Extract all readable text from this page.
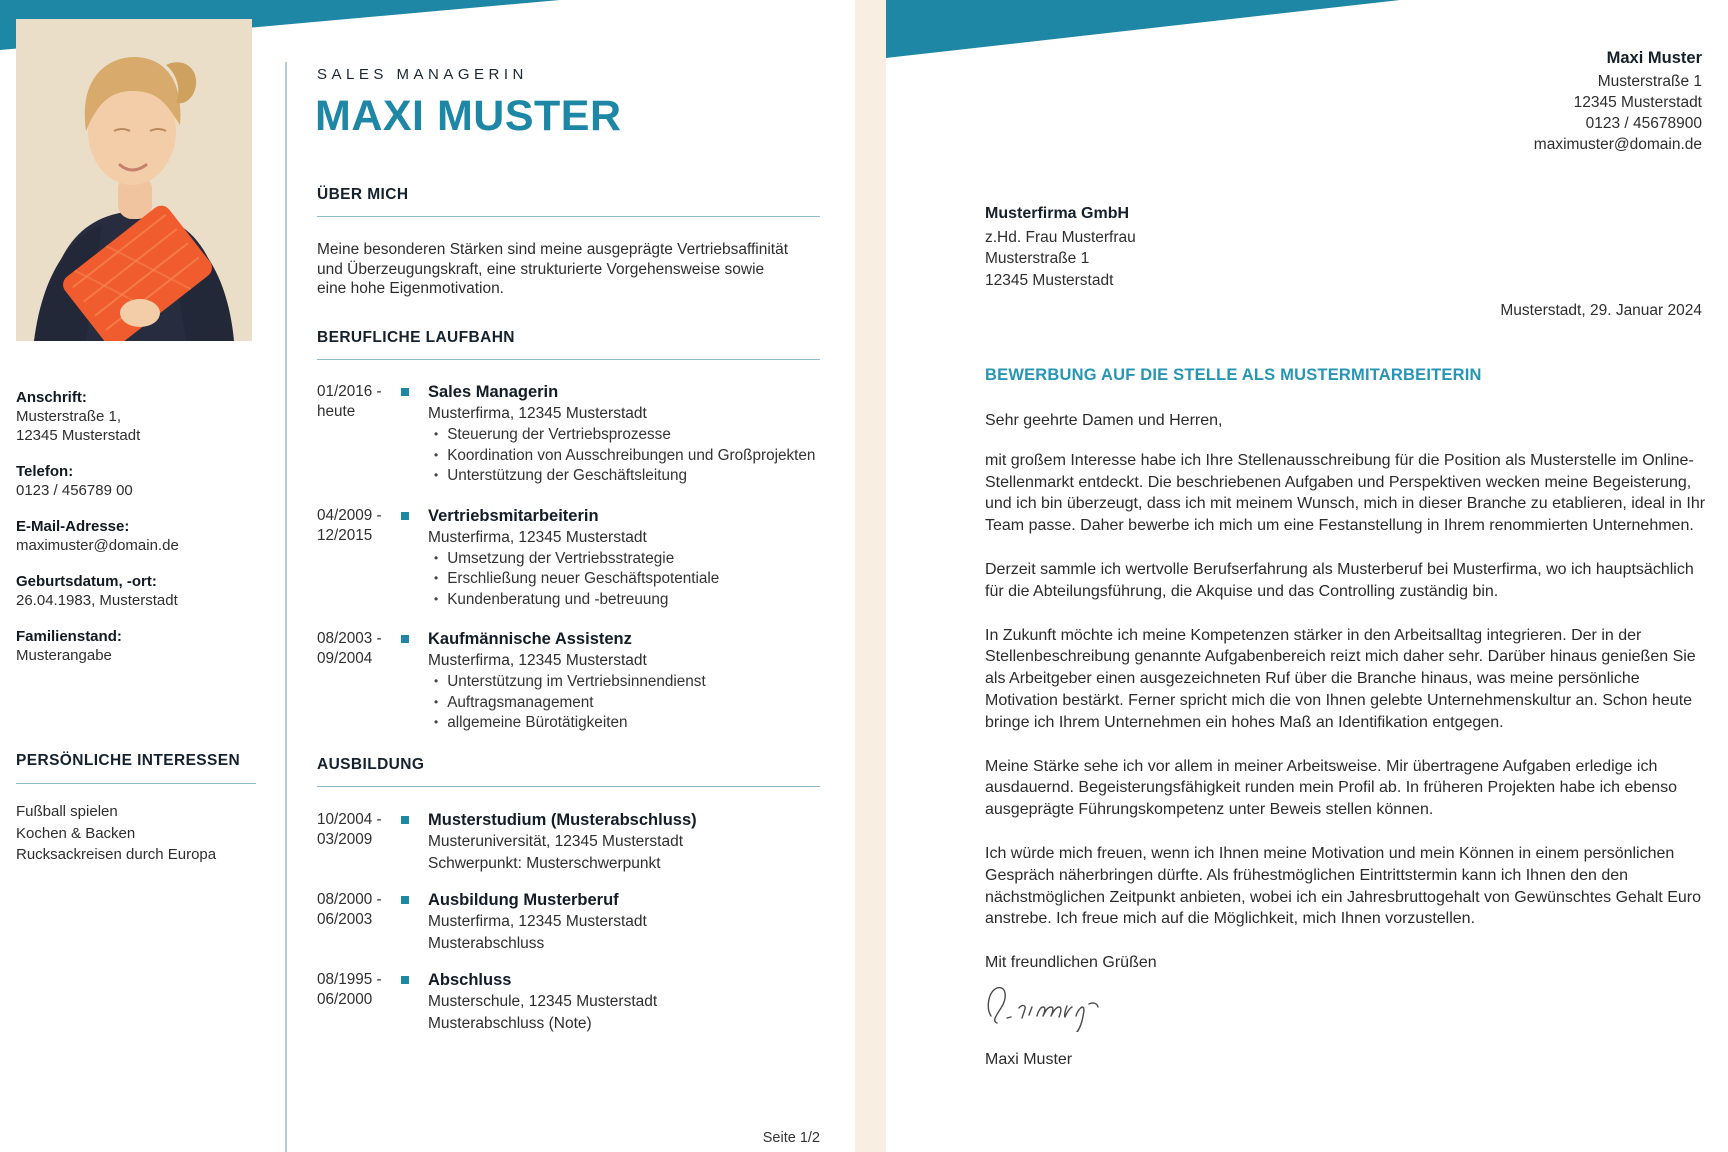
SALES MANAGERIN
MAXI MUSTER
ÜBER MICH
Meine besonderen Stärken sind meine ausgeprägte Vertriebsaffinität und Überzeugungskraft, eine strukturierte Vorgehensweise sowie eine hohe Eigenmotivation.
BERUFLICHE LAUFBAHN
01/2016 -
heute
Sales Managerin
Musterfirma, 12345 Musterstadt
• Steuerung der Vertriebsprozesse
• Koordination von Ausschreibungen und Großprojekten
• Unterstützung der Geschäftsleitung
04/2009 -
12/2015
Vertriebsmitarbeiterin
Musterfirma, 12345 Musterstadt
• Umsetzung der Vertriebsstrategie
• Erschließung neuer Geschäftspotentiale
• Kundenberatung und -betreuung
08/2003 -
09/2004
Kaufmännische Assistenz
Musterfirma, 12345 Musterstadt
• Unterstützung im Vertriebsinnendienst
• Auftragsmanagement
• allgemeine Bürotätigkeiten
AUSBILDUNG
10/2004 -
03/2009
Musterstudium (Musterabschluss)
Musteruniversität, 12345 Musterstadt
Schwerpunkt: Musterschwerpunkt
08/2000 -
06/2003
Ausbildung Musterberuf
Musterfirma, 12345 Musterstadt
Musterabschluss
08/1995 -
06/2000
Abschluss
Musterschule, 12345 Musterstadt
Musterabschluss (Note)
Anschrift:
Musterstraße 1,
12345 Musterstadt
Telefon:
0123 / 456789 00
E-Mail-Adresse:
maximuster@domain.de
Geburtsdatum, -ort:
26.04.1983, Musterstadt
Familienstand:
Musterangabe
PERSÖNLICHE INTERESSEN
Fußball spielen
Kochen & Backen
Rucksackreisen durch Europa
Seite 1/2
Maxi Muster
Musterstraße 1
12345 Musterstadt
0123 / 45678900
maximuster@domain.de
Musterfirma GmbH
z.Hd. Frau Musterfrau
Musterstraße 1
12345 Musterstadt
Musterstadt, 29. Januar 2024
BEWERBUNG AUF DIE STELLE ALS MUSTERMITARBEITERIN
Sehr geehrte Damen und Herren,

mit großem Interesse habe ich Ihre Stellenausschreibung für die Position als Musterstelle im Online-Stellenmarkt entdeckt. Die beschriebenen Aufgaben und Perspektiven wecken meine Begeisterung, und ich bin überzeugt, dass ich mit meinem Wunsch, mich in dieser Branche zu etablieren, ideal in Ihr Team passe. Daher bewerbe ich mich um eine Festanstellung in Ihrem renommierten Unternehmen.

Derzeit sammle ich wertvolle Berufserfahrung als Musterberuf bei Musterfirma, wo ich hauptsächlich für die Abteilungsführung, die Akquise und das Controlling zuständig bin.

In Zukunft möchte ich meine Kompetenzen stärker in den Arbeitsalltag integrieren. Der in der Stellenbeschreibung genannte Aufgabenbereich reizt mich daher sehr. Darüber hinaus genießen Sie als Arbeitgeber einen ausgezeichneten Ruf über die Branche hinaus, was meine persönliche Motivation bestärkt. Ferner spricht mich die von Ihnen gelebte Unternehmenskultur an. Schon heute bringe ich Ihrem Unternehmen ein hohes Maß an Identifikation entgegen.

Meine Stärke sehe ich vor allem in meiner Arbeitsweise. Mir übertragene Aufgaben erledige ich ausdauernd. Begeisterungsfähigkeit runden mein Profil ab. In früheren Projekten habe ich ebenso ausgeprägte Führungskompetenz unter Beweis stellen können.

Ich würde mich freuen, wenn ich Ihnen meine Motivation und mein Können in einem persönlichen Gespräch näherbringen dürfte. Als frühestmöglichen Eintrittstermin kann ich Ihnen den den nächstmöglichen Zeitpunkt anbieten, wobei ich ein Jahresbruttogehalt von Gewünschtes Gehalt Euro anstrebe. Ich freue mich auf die Möglichkeit, mich Ihnen vorzustellen.

Mit freundlichen Grüßen
Maxi Muster
